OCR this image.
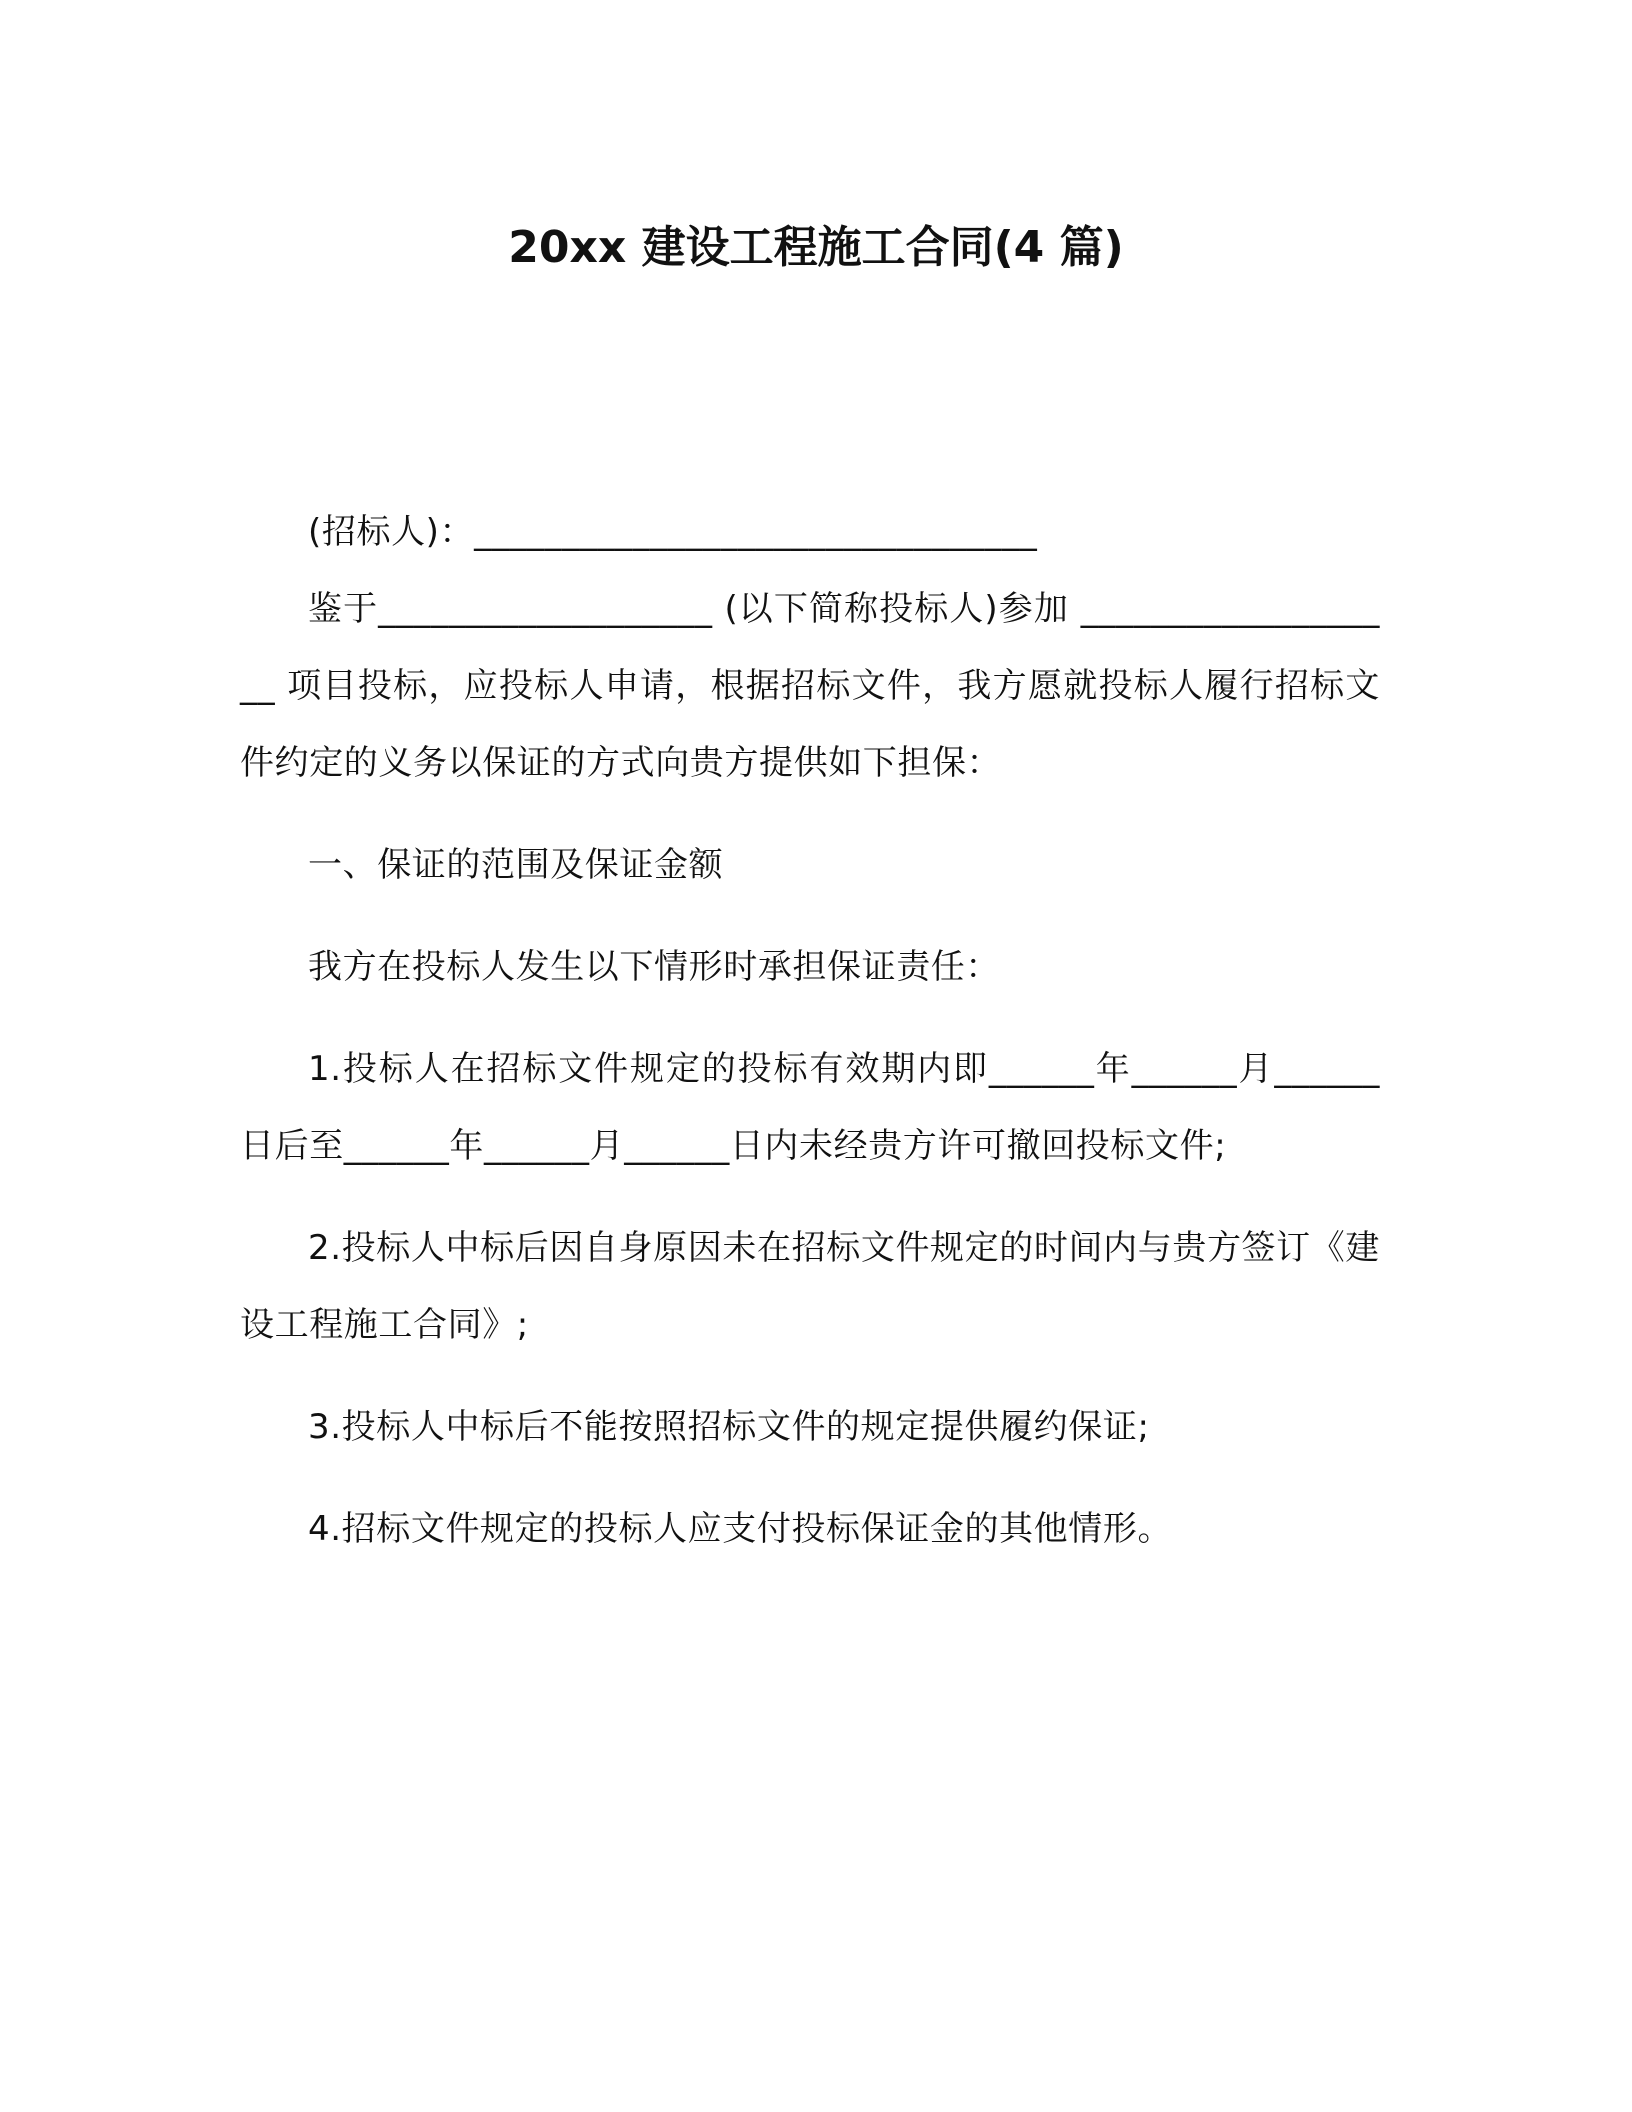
20xx 建设工程施工合同(4 篇)

(招标人)：________________________________

鉴于___________________ (以下简称投标人)参加 ___________________ 项目投标，应投标人申请，根据招标文件，我方愿就投标人履行招标文件约定的义务以保证的方式向贵方提供如下担保：

一、保证的范围及保证金额

我方在投标人发生以下情形时承担保证责任：

1.投标人在招标文件规定的投标有效期内即______年______月______日后至______年______月______日内未经贵方许可撤回投标文件;

2.投标人中标后因自身原因未在招标文件规定的时间内与贵方签订《建设工程施工合同》;

3.投标人中标后不能按照招标文件的规定提供履约保证;

4.招标文件规定的投标人应支付投标保证金的其他情形。
